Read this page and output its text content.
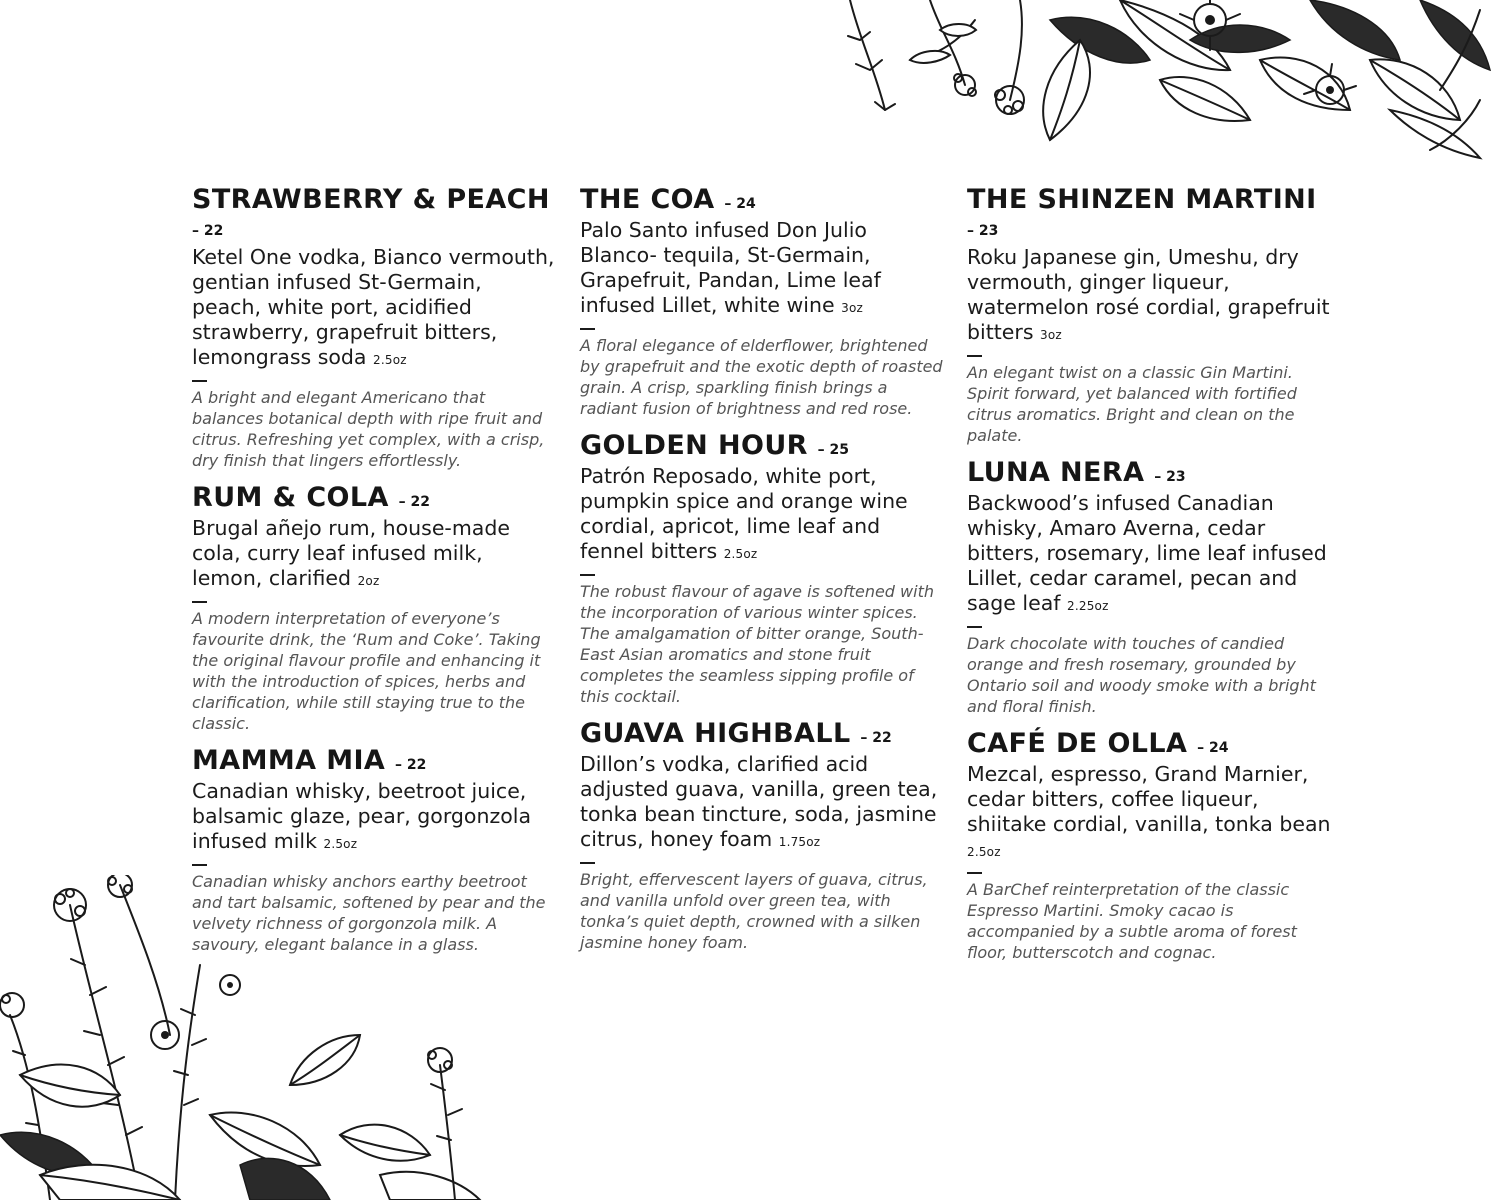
STRAWBERRY & PEACH – 22

Ketel One vodka, Bianco vermouth, gentian infused St-Germain, peach, white port, acidified strawberry, grapefruit bitters, lemongrass soda 2.5oz

A bright and elegant Americano that balances botanical depth with ripe fruit and citrus. Refreshing yet complex, with a crisp, dry finish that lingers effortlessly.

RUM & COLA – 22

Brugal añejo rum, house-made cola, curry leaf infused milk, lemon, clarified 2oz

A modern interpretation of everyone’s favourite drink, the ‘Rum and Coke’. Taking the original flavour profile and enhancing it with the introduction of spices, herbs and clarification, while still staying true to the classic.

MAMMA MIA – 22

Canadian whisky, beetroot juice, balsamic glaze, pear, gorgonzola infused milk 2.5oz

Canadian whisky anchors earthy beetroot and tart balsamic, softened by pear and the velvety richness of gorgonzola milk. A savoury, elegant balance in a glass.

THE COA – 24

Palo Santo infused Don Julio Blanco- tequila, St-Germain, Grapefruit, Pandan, Lime leaf infused Lillet, white wine 3oz

A floral elegance of elderflower, brightened by grapefruit and the exotic depth of roasted grain. A crisp, sparkling finish brings a radiant fusion of brightness and red rose.

GOLDEN HOUR – 25

Patrón Reposado, white port, pumpkin spice and orange wine cordial, apricot, lime leaf and fennel bitters 2.5oz

The robust flavour of agave is softened with the incorporation of various winter spices. The amalgamation of bitter orange, South-East Asian aromatics and stone fruit completes the seamless sipping profile of this cocktail.

GUAVA HIGHBALL – 22

Dillon’s vodka, clarified acid adjusted guava, vanilla, green tea, tonka bean tincture, soda, jasmine citrus, honey foam 1.75oz

Bright, effervescent layers of guava, citrus, and vanilla unfold over green tea, with tonka’s quiet depth, crowned with a silken jasmine honey foam.

THE SHINZEN MARTINI – 23

Roku Japanese gin, Umeshu, dry vermouth, ginger liqueur, watermelon rosé cordial, grapefruit bitters 3oz

An elegant twist on a classic Gin Martini. Spirit forward, yet balanced with fortified citrus aromatics. Bright and clean on the palate.

LUNA NERA – 23

Backwood’s infused Canadian whisky, Amaro Averna, cedar bitters, rosemary, lime leaf infused Lillet, cedar caramel, pecan and sage leaf 2.25oz

Dark chocolate with touches of candied orange and fresh rosemary, grounded by Ontario soil and woody smoke with a bright and floral finish.

CAFÉ DE OLLA – 24

Mezcal, espresso, Grand Marnier, cedar bitters, coffee liqueur, shiitake cordial, vanilla, tonka bean 2.5oz

A BarChef reinterpretation of the classic Espresso Martini. Smoky cacao is accompanied by a subtle aroma of forest floor, butterscotch and cognac.
